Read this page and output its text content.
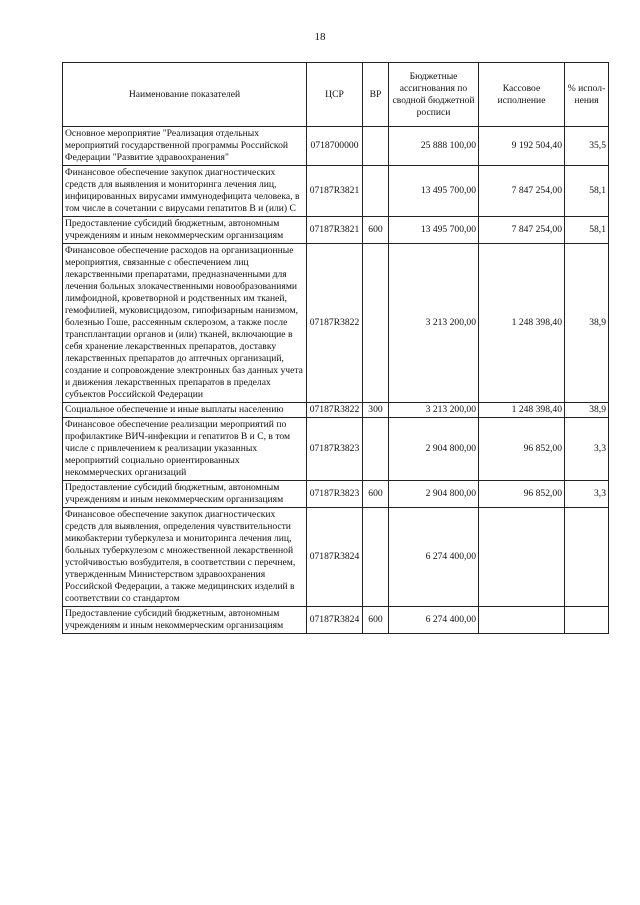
18
Наименование показателей	ЦСР	ВР	Бюджетные ассигнования по сводной бюджетной росписи	Кассовое исполнение	% испол-нения
Основное мероприятие "Реализация отдельных мероприятий государственной программы Российской Федерации "Развитие здравоохранения"	0718700000		25 888 100,00	9 192 504,40	35,5
Финансовое обеспечение закупок диагностических средств для выявления и мониторинга лечения лиц, инфицированных вирусами иммунодефицита человека, в том числе в сочетании с вирусами гепатитов В и (или) С	07187R3821		13 495 700,00	7 847 254,00	58,1
Предоставление субсидий бюджетным, автономным учреждениям и иным некоммерческим организациям	07187R3821	600	13 495 700,00	7 847 254,00	58,1
Финансовое обеспечение расходов на организационные мероприятия, связанные с обеспечением лиц лекарственными препаратами, предназначенными для лечения больных злокачественными новообразованиями лимфоидной, кроветворной и родственных им тканей, гемофилией, муковисцидозом, гипофизарным нанизмом, болезнью Гоше, рассеянным склерозом, а также после трансплантации органов и (или) тканей, включающие в себя хранение лекарственных препаратов, доставку лекарственных препаратов до аптечных организаций, создание и сопровождение электронных баз данных учета и движения лекарственных препаратов в пределах субъектов Российской Федерации	07187R3822		3 213 200,00	1 248 398,40	38,9
Социальное обеспечение и иные выплаты населению	07187R3822	300	3 213 200,00	1 248 398,40	38,9
Финансовое обеспечение реализации мероприятий по профилактике ВИЧ-инфекции и гепатитов В и С, в том числе с привлечением к реализации указанных мероприятий социально ориентированных некоммерческих организаций	07187R3823		2 904 800,00	96 852,00	3,3
Предоставление субсидий бюджетным, автономным учреждениям и иным некоммерческим организациям	07187R3823	600	2 904 800,00	96 852,00	3,3
Финансовое обеспечение закупок диагностических средств для выявления, определения чувствительности микобактерии туберкулеза и мониторинга лечения лиц, больных туберкулезом с множественной лекарственной устойчивостью возбудителя, в соответствии с перечнем, утвержденным Министерством здравоохранения Российской Федерации, а также медицинских изделий в соответствии со стандартом	07187R3824		6 274 400,00		
Предоставление субсидий бюджетным, автономным учреждениям и иным некоммерческим организациям	07187R3824	600	6 274 400,00		
